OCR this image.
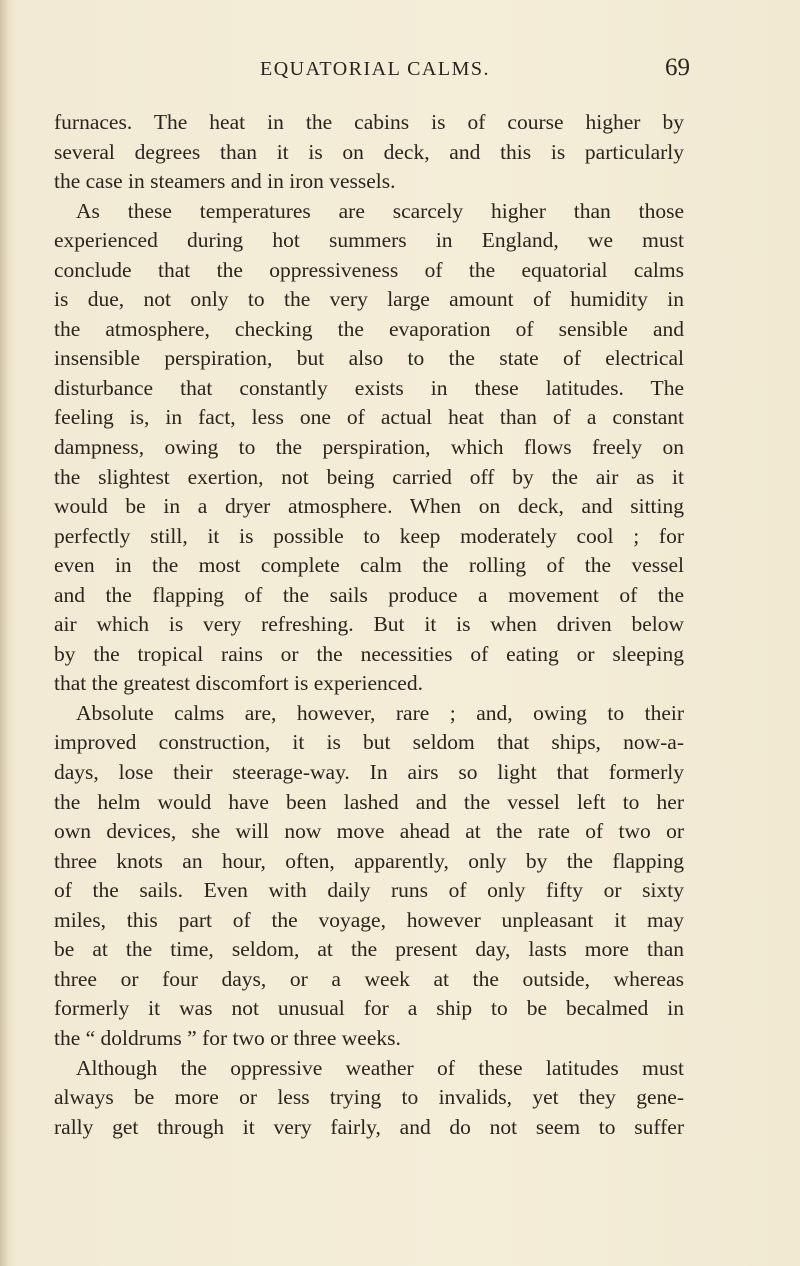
EQUATORIAL CALMS.	69
furnaces. The heat in the cabins is of course higher by
several degrees than it is on deck, and this is particularly
the case in steamers and in iron vessels.
As these temperatures are scarcely higher than those
experienced during hot summers in England, we must
conclude that the oppressiveness of the equatorial calms
is due, not only to the very large amount of humidity in
the atmosphere, checking the evaporation of sensible and
insensible perspiration, but also to the state of electrical
disturbance that constantly exists in these latitudes. The
feeling is, in fact, less one of actual heat than of a constant
dampness, owing to the perspiration, which flows freely on
the slightest exertion, not being carried off by the air as it
would be in a dryer atmosphere. When on deck, and sitting
perfectly still, it is possible to keep moderately cool ; for
even in the most complete calm the rolling of the vessel
and the flapping of the sails produce a movement of the
air which is very refreshing. But it is when driven below
by the tropical rains or the necessities of eating or sleeping
that the greatest discomfort is experienced.
Absolute calms are, however, rare ; and, owing to their
improved construction, it is but seldom that ships, now-a-
days, lose their steerage-way. In airs so light that formerly
the helm would have been lashed and the vessel left to her
own devices, she will now move ahead at the rate of two or
three knots an hour, often, apparently, only by the flapping
of the sails. Even with daily runs of only fifty or sixty
miles, this part of the voyage, however unpleasant it may
be at the time, seldom, at the present day, lasts more than
three or four days, or a week at the outside, whereas
formerly it was not unusual for a ship to be becalmed in
the “ doldrums ” for two or three weeks.
Although the oppressive weather of these latitudes must
always be more or less trying to invalids, yet they gene-
rally get through it very fairly, and do not seem to suffer
